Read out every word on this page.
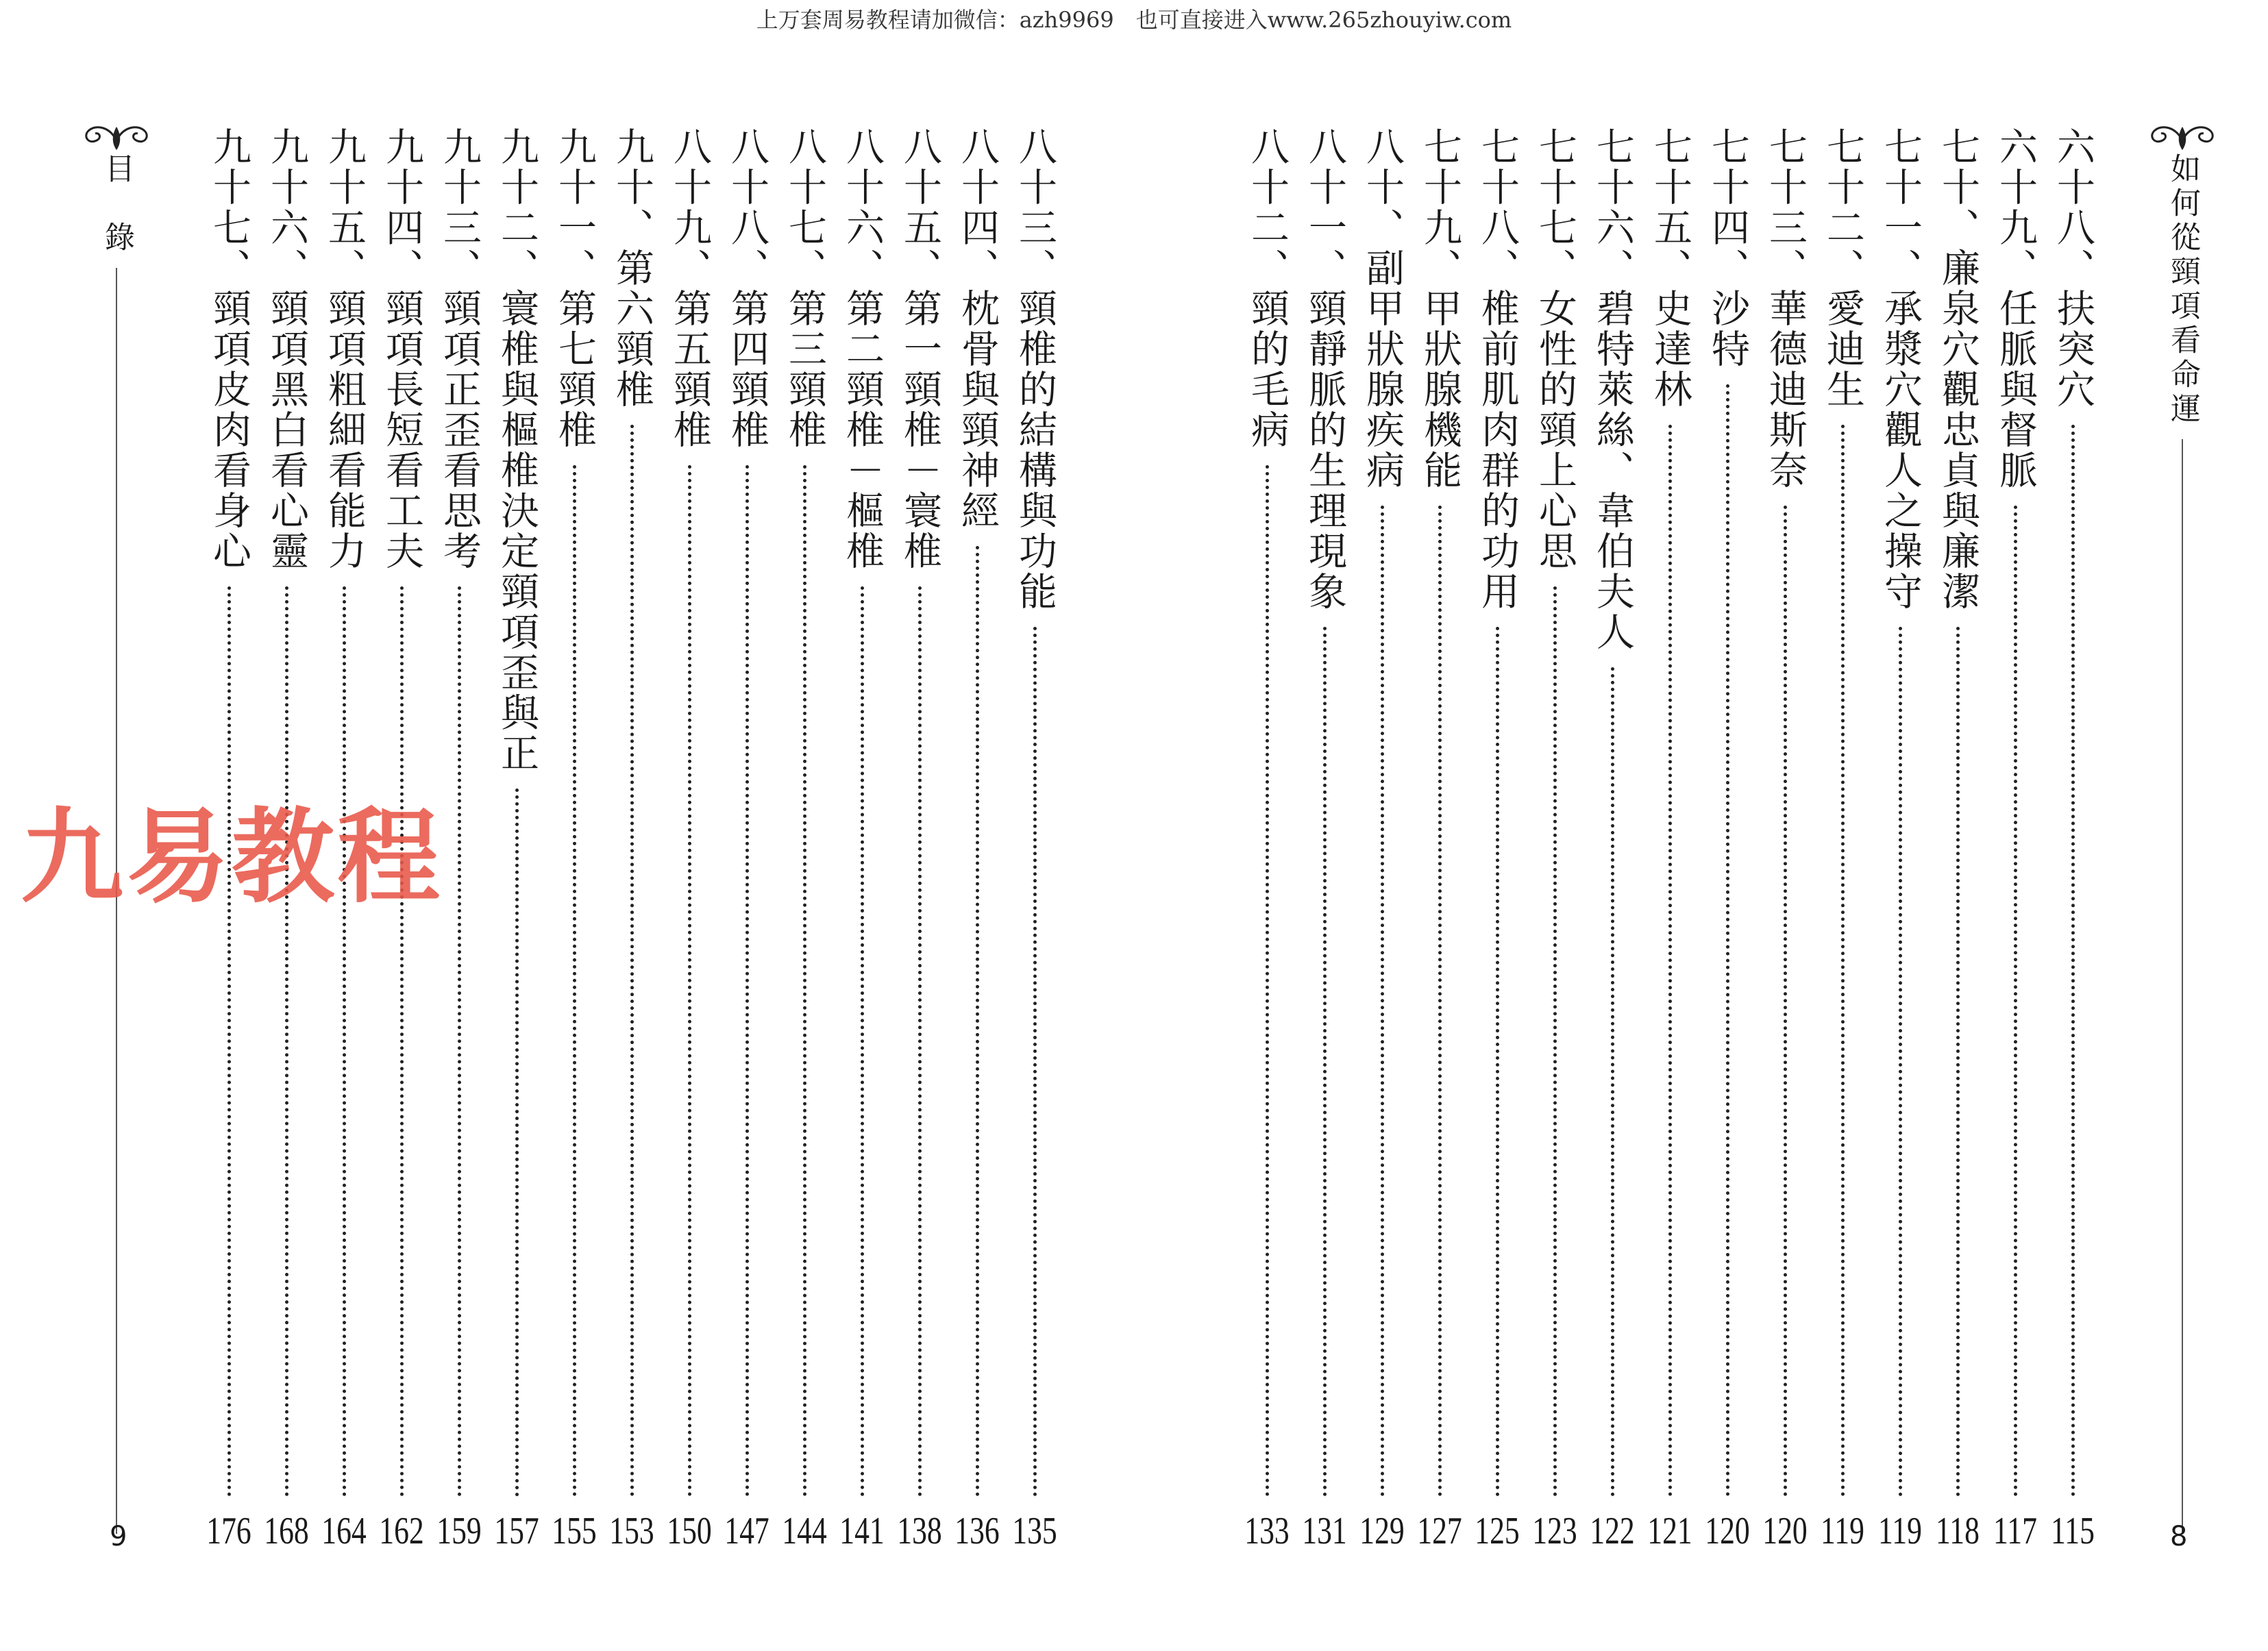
上万套周易教程请加微信：azh9969　也可直接进入www.265zhouyiw.com
目　錄	八十三、頸椎的結構與功能
135
八十四、枕骨與頸神經
136
八十五、第一頸椎－寰椎
138
八十六、第二頸椎－樞椎
141
八十七、第三頸椎
144
八十八、第四頸椎
147
八十九、第五頸椎
150
九十、第六頸椎
153
九十一、第七頸椎
155
九十二、寰椎與樞椎決定頸項歪與正
157
九十三、頸項正歪看思考
159
九十四、頸項長短看工夫
162
九十五、頸項粗細看能力
164
九十六、頸項黑白看心靈
168
九十七、頸項皮肉看身心
176
9
六十八、扶突穴
115
六十九、任脈與督脈
117
七十、廉泉穴觀忠貞與廉潔
118
七十一、承漿穴觀人之操守
119
七十二、愛迪生
119
七十三、華德迪斯奈
120
七十四、沙特
120
七十五、史達林
121
七十六、碧特萊絲、韋伯夫人
122
七十七、女性的頸上心思
123
七十八、椎前肌肉群的功用
125
七十九、甲狀腺機能
127
八十、副甲狀腺疾病
129
八十一、頸靜脈的生理現象
131
八十二、頸的毛病
133
如何從頸項看命運
8
九易教程
